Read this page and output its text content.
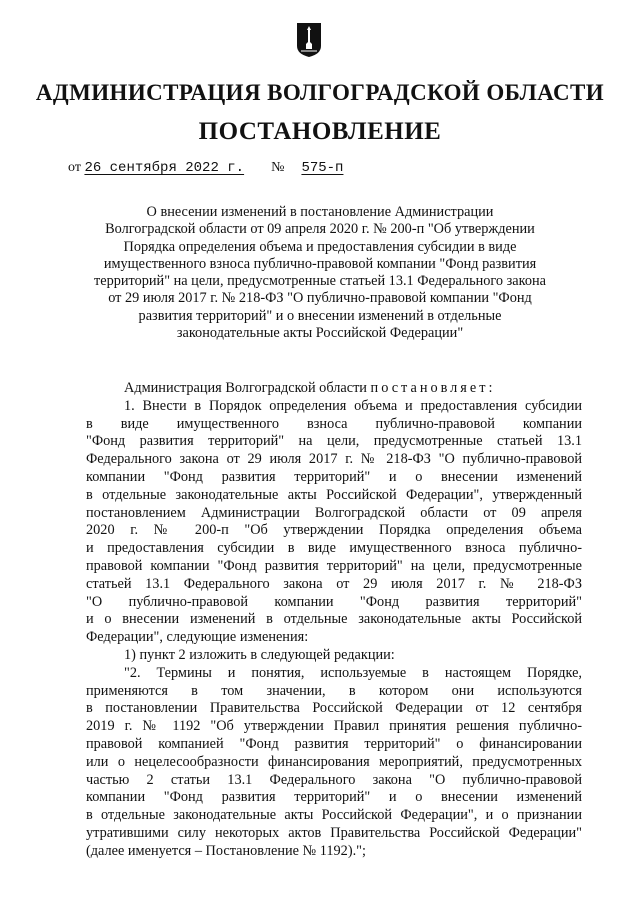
АДМИНИСТРАЦИЯ ВОЛГОГРАДСКОЙ ОБЛАСТИ
ПОСТАНОВЛЕНИЕ
от 26 сентября 2022 г. № 575-п
О внесении изменений в постановление Администрации
Волгоградской области от 09 апреля 2020 г. № 200-п "Об утверждении
Порядка определения объема и предоставления субсидии в виде
имущественного взноса публично-правовой компании "Фонд развития
территорий" на цели, предусмотренные статьей 13.1 Федерального закона
от 29 июля 2017 г. № 218-ФЗ "О публично-правовой компании "Фонд
развития территорий" и о внесении изменений в отдельные
законодательные акты Российской Федерации"
Администрация Волгоградской области постановляет:
1. Внести в Порядок определения объема и предоставления субсидии
в виде имущественного взноса публично-правовой компании
"Фонд развития территорий" на цели, предусмотренные статьей 13.1
Федерального закона от 29 июля 2017 г. № 218-ФЗ "О публично-правовой
компании "Фонд развития территорий" и о внесении изменений
в отдельные законодательные акты Российской Федерации", утвержденный
постановлением Администрации Волгоградской области от 09 апреля
2020 г. № 200-п "Об утверждении Порядка определения объема
и предоставления субсидии в виде имущественного взноса публично-
правовой компании "Фонд развития территорий" на цели, предусмотренные
статьей 13.1 Федерального закона от 29 июля 2017 г. № 218-ФЗ
"О публично-правовой компании "Фонд развития территорий"
и о внесении изменений в отдельные законодательные акты Российской
Федерации", следующие изменения:
1) пункт 2 изложить в следующей редакции:
"2. Термины и понятия, используемые в настоящем Порядке,
применяются в том значении, в котором они используются
в постановлении Правительства Российской Федерации от 12 сентября
2019 г. № 1192 "Об утверждении Правил принятия решения публично-
правовой компанией "Фонд развития территорий" о финансировании
или о нецелесообразности финансирования мероприятий, предусмотренных
частью 2 статьи 13.1 Федерального закона "О публично-правовой
компании "Фонд развития территорий" и о внесении изменений
в отдельные законодательные акты Российской Федерации", и о признании
утратившими силу некоторых актов Правительства Российской Федерации"
(далее именуется – Постановление № 1192).";
